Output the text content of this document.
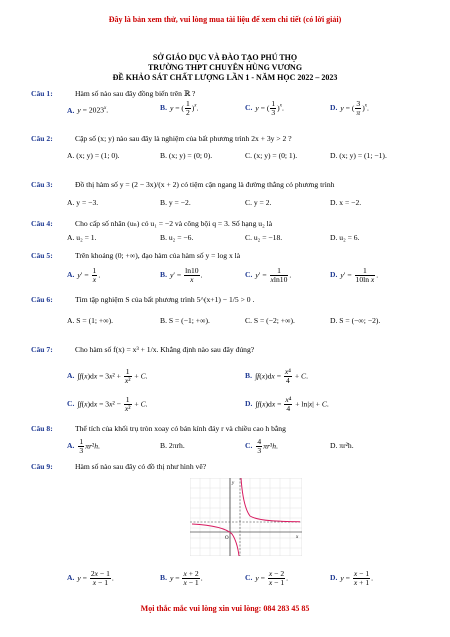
Đây là bản xem thử, vui lòng mua tài liệu để xem chi tiết (có lời giải)
SỞ GIÁO DỤC VÀ ĐÀO TẠO PHÚ THỌ
TRƯỜNG THPT CHUYÊN HÙNG VƯƠNG
ĐỀ KHẢO SÁT CHẤT LƯỢNG LẦN 1 - NĂM HỌC 2022 – 2023
Câu 1:	Hàm số nào sau đây đồng biến trên ℝ ?
A. $y = 2023^x$.	B. y = ( $\frac{1}{2} )^x$.	C. y = ( $\frac{1}{3} )^x$.	D. y = ( $\frac{3}{\pi} )^x$.
Câu 2:	Cặp số (x; y) nào sau đây là nghiệm của bất phương trình 2x + 3y > 2 ?
A. (x; y) = (1; 0).	B. (x; y) = (0; 0).	C. (x; y) = (0; 1).	D. (x; y) = (1; −1).
Câu 3:	Đồ thị hàm số y = (2 − 3x)/(x + 2) có tiệm cận ngang là đường thẳng có phương trình
A. y = −3.	B. y = −2.	C. y = 2.	D. x = −2.
Câu 4:	Cho cấp số nhân (uₙ) có u₁ = −2 và công bội q = 3. Số hạng u₂ là
A. u₂ = 1.	B. u₂ = −6.	C. u₂ = −18.	D. u₂ = 6.
Câu 5:	Trên khoảng (0; +∞), đạo hàm của hàm số y = log x là
A. $y' = \frac{1}{x}$ .	B. $y' = \frac{\ln 10}{x}$ .	C. $y' = \frac{1}{xln10}$ .	D. $y' = \frac{1}{\text{10ln x}}$ .
Câu 6:	Tìm tập nghiệm S của bất phương trình 5^(x+1) − 1/5 > 0 .
A. S = (1; +∞).	B. S = (−1; +∞).	C. S = (−2; +∞).	D. S = (−∞; −2).
Câu 7:	Cho hàm số f(x) = x³ + 1/x. Khẳng định nào sau đây đúng?
A. $\int f(x)dx = 3x^2 + \frac{1}{\text{x²}} + C$.	B. $\int f(x)dx = \frac{\text{x⁴}}{4} + C$.
C. $\int f(x)dx = 3x^2 - \frac{1}{\text{x²}} + C$.	D. $\int f(x)dx = \frac{\text{x⁴}}{4} + \ln|x| + C$.
Câu 8:	Thể tích của khối trụ tròn xoay có bán kính đáy r và chiều cao h bằng
A. $\frac{1}{3} \pi r^2h$.	B. 2πrh.	C. $\frac{4}{3} \pi r^3h$.	D. πr²h.
Câu 9:	Hàm số nào sau đây có đồ thị như hình vẽ?
O	x
y
A. $y = \frac{2x - 1}{x - 1}$ .	B. $y = \frac{x + 2}{x - 1}$ .	C. $y = \frac{x - 2}{x - 1}$ .	D. $y = \frac{x - 1}{x + 1}$ .
Mọi thắc mắc vui lòng xin vui lòng: 084 283 45 85
